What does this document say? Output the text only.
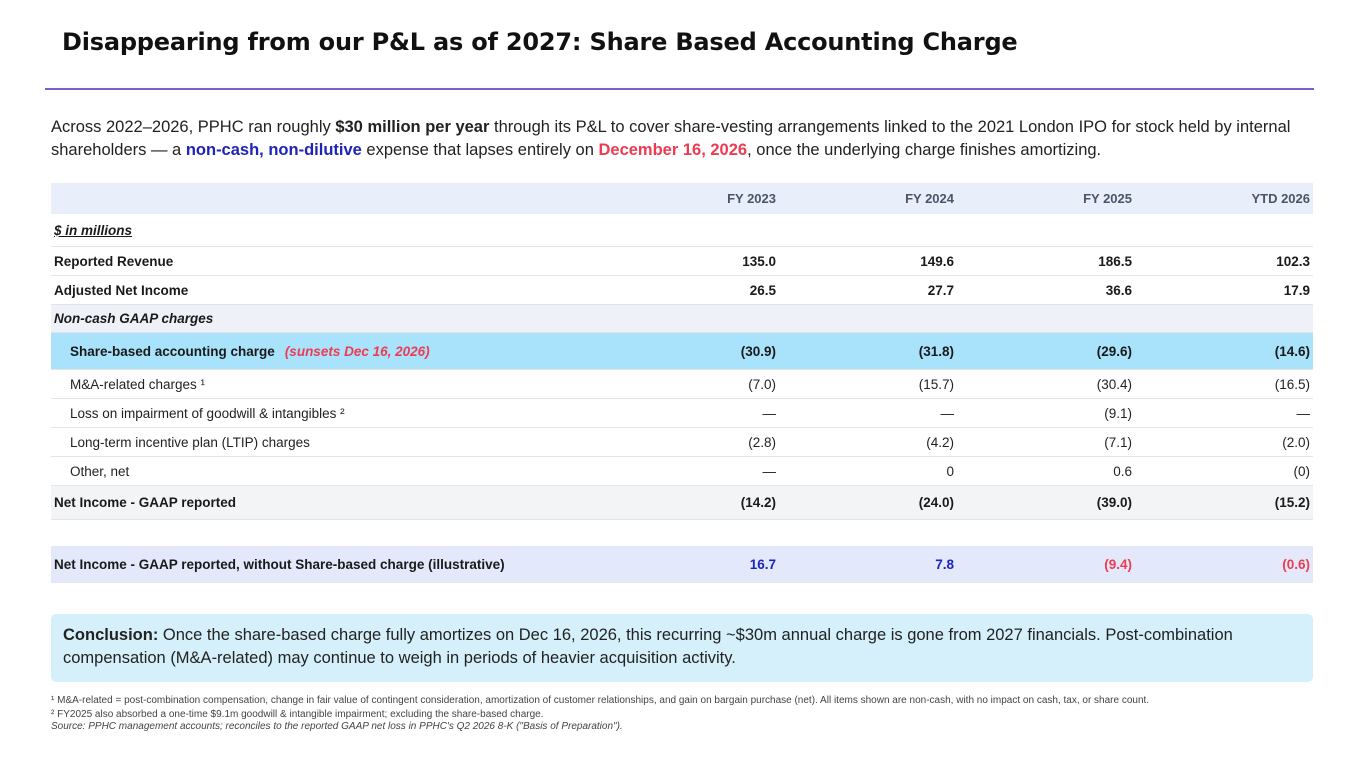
Disappearing from our P&L as of 2027: Share Based Accounting Charge
Across 2022–2026, PPHC ran roughly $30 million per year through its P&L to cover share-vesting arrangements linked to the 2021 London IPO for stock held by internal shareholders — a non-cash, non-dilutive expense that lapses entirely on December 16, 2026, once the underlying charge finishes amortizing.
	FY 2023	FY 2024	FY 2025	YTD 2026
$ in millions				
Reported Revenue	135.0	149.6	186.5	102.3
Adjusted Net Income	26.5	27.7	36.6	17.9
Non-cash GAAP charges				
Share-based accounting charge (sunsets Dec 16, 2026)	(30.9)	(31.8)	(29.6)	(14.6)
M&A-related charges ¹	(7.0)	(15.7)	(30.4)	(16.5)
Loss on impairment of goodwill & intangibles ²	—	—	(9.1)	—
Long-term incentive plan (LTIP) charges	(2.8)	(4.2)	(7.1)	(2.0)
Other, net	—	0	0.6	(0)
Net Income - GAAP reported	(14.2)	(24.0)	(39.0)	(15.2)

Net Income - GAAP reported, without Share-based charge (illustrative)	16.7	7.8	(9.4)	(0.6)
Conclusion: Once the share-based charge fully amortizes on Dec 16, 2026, this recurring ~$30m annual charge is gone from 2027 financials. Post-combination compensation (M&A-related) may continue to weigh in periods of heavier acquisition activity.
¹ M&A-related = post-combination compensation, change in fair value of contingent consideration, amortization of customer relationships, and gain on bargain purchase (net). All items shown are non-cash, with no impact on cash, tax, or share count.
² FY2025 also absorbed a one-time $9.1m goodwill & intangible impairment; excluding the share-based charge.
Source: PPHC management accounts; reconciles to the reported GAAP net loss in PPHC's Q2 2026 8-K ("Basis of Preparation").
